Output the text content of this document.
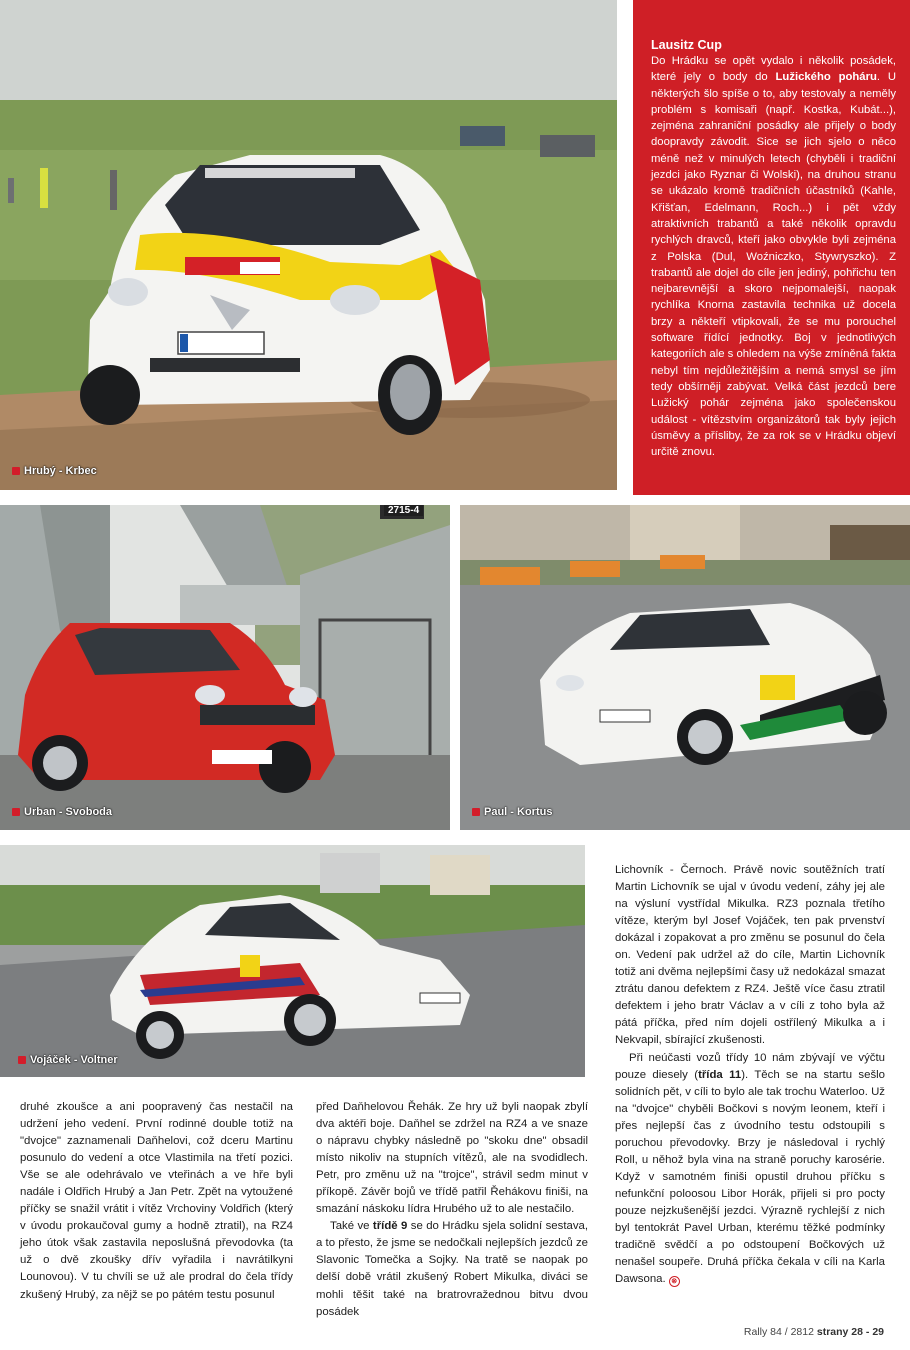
Hrubý - Krbec
Lausitz Cup

Do Hrádku se opět vydalo i několik posádek, které jely o body do Lužického poháru. U některých šlo spíše o to, aby testovaly a neměly problém s komisaři (např. Kostka, Kubát...), zejména zahraniční posádky ale přijely o body doopravdy závodit. Sice se jich sjelo o něco méně než v minulých letech (chyběli i tradiční jezdci jako Ryznar či Wolski), na druhou stranu se ukázalo kromě tradičních účastníků (Kahle, Křišťan, Edelmann, Roch...) i pět vždy atraktivních trabantů a také několik opravdu rychlých dravců, kteří jako obvykle byli zejména z Polska (Dul, Woźniczko, Stywryszko). Z trabantů ale dojel do cíle jen jediný, pohřichu ten nejbarevnější a skoro nejpomalejší, naopak rychlíka Knorna zastavila technika už docela brzy a někteří vtipkovali, že se mu porouchel software řídící jednotky. Boj v jednotlivých kategoriích ale s ohledem na výše zmíněná fakta nebyl tím nejdůležitějším a nemá smysl se jím tedy obšírněji zabývat. Velká část jezdců bere Lužický pohár zejména jako společenskou událost - vítězstvím organizátorů tak byly jejich úsměvy a přísliby, že za rok se v Hrádku objeví určitě znovu.

2715-4
Urban - Svoboda	Paul - Kortus
Vojáček - Voltner

druhé zkoušce a ani poopravený čas nestačil na udržení jeho vedení. První rodinné double totiž na "dvojce" zaznamenali Daňhelovi, což dceru Martinu posunulo do vedení a otce Vlastimila na třetí pozici. Vše se ale odehrávalo ve vteřinách a ve hře byli nadále i Oldřich Hrubý a Jan Petr. Zpět na vytoužené příčky se snažil vrátit i vítěz Vrchoviny Voldřich (který v úvodu prokaučoval gumy a hodně ztratil), na RZ4 jeho útok však zastavila neposlušná převodovka (ta už o dvě zkoušky dřív vyřadila i navrátilkyni Lounovou). V tu chvíli se už ale prodral do čela třídy zkušený Hrubý, za nějž se po pátém testu posunul

před Daňhelovou Řehák. Ze hry už byli naopak zbylí dva aktéři boje. Daňhel se zdržel na RZ4 a ve snaze o nápravu chybky následně po "skoku dne" obsadil místo nikoliv na stupních vítězů, ale na svodidlech. Petr, pro změnu už na "trojce", strávil sedm minut v příkopě. Závěr bojů ve třídě patřil Řehákovu finiši, na smazání náskoku lídra Hrubého už to ale nestačilo.

Také ve třídě 9 se do Hrádku sjela solidní sestava, a to přesto, že jsme se nedočkali nejlepších jezdců ze Slavonic Tomečka a Sojky. Na tratě se naopak po delší době vrátil zkušený Robert Mikulka, diváci se mohli těšit také na bratrovražednou bitvu dvou posádek

Lichovník - Černoch. Právě novic soutěžních tratí Martin Lichovník se ujal v úvodu vedení, záhy jej ale na výsluní vystřídal Mikulka. RZ3 poznala třetího vítěze, kterým byl Josef Vojáček, ten pak prvenství dokázal i zopakovat a pro změnu se posunul do čela on. Vedení pak udržel až do cíle, Martin Lichovník totiž ani dvěma nejlepšími časy už nedokázal smazat ztrátu danou defektem z RZ4. Ještě více času ztratil defektem i jeho bratr Václav a v cíli z toho byla až pátá příčka, před ním dojeli ostřílený Mikulka a i Nekvapil, sbírající zkušenosti.

Při neúčasti vozů třídy 10 nám zbývají ve výčtu pouze diesely (třída 11). Těch se na startu sešlo solidních pět, v cíli to bylo ale tak trochu Waterloo. Už na "dvojce" chyběli Bočkovi s novým leonem, kteří i přes nejlepší čas z úvodního testu odstoupili s poruchou převodovky. Brzy je následoval i rychlý Roll, u něhož byla vina na straně poruchy karosérie. Když v samotném finiši opustil druhou příčku s nefunkční poloosou Libor Horák, přijeli si pro pocty pouze nejzkušenější jezdci. Výrazně rychlejší z nich byl tentokrát Pavel Urban, kterému těžké podmínky tradičně svědčí a po odstoupení Bočkových už nenašel soupeře. Druhá příčka čekala v cíli na Karla Dawsona. ⊗

Rally 84 / 2812 strany 28 - 29
